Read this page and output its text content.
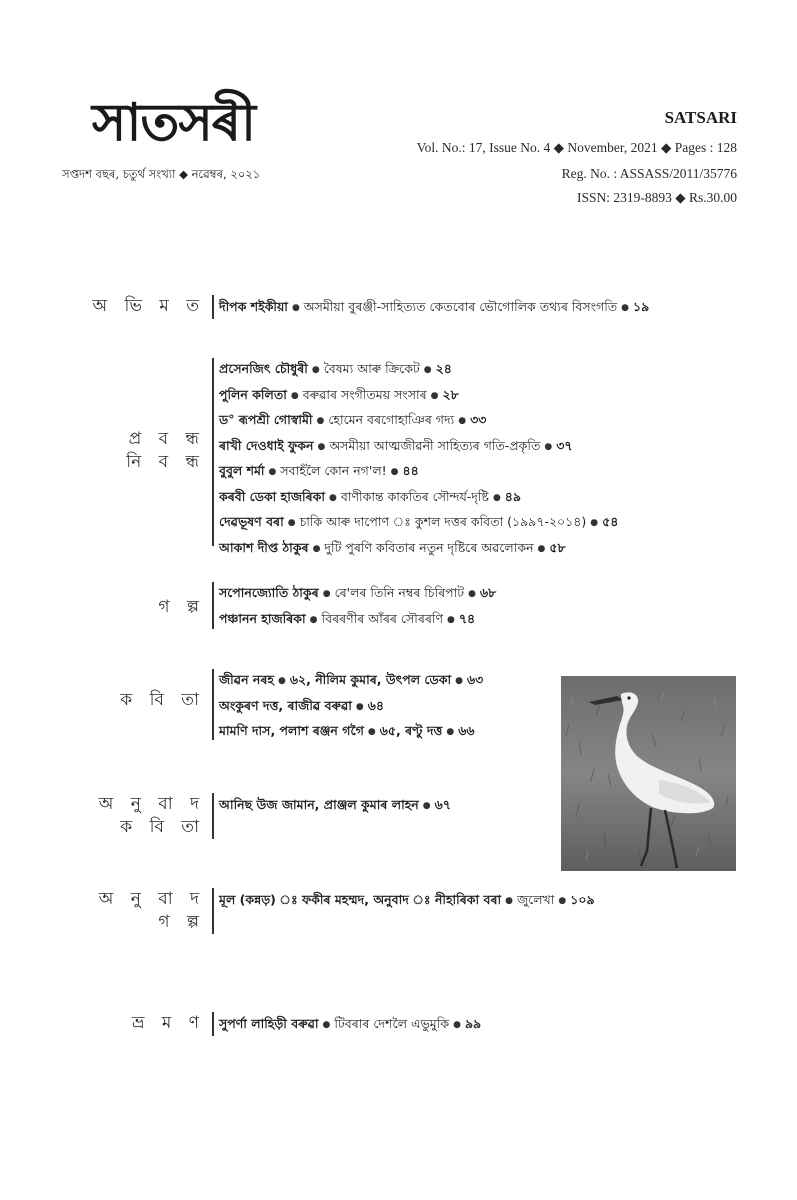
সাতসৰী
সপ্তদশ বছৰ, চতুৰ্থ সংখ্যা ◆ নৱেম্বৰ, ২০২১
SATSARI
Vol. No.: 17, Issue No. 4 ◆ November, 2021 ◆ Pages : 128
Reg. No. : ASSASS/2011/35776
ISSN: 2319-8893 ◆ Rs.30.00
অ ভি ম ত দীপক শইকীয়া ● অসমীয়া বুৰঞ্জী-সাহিত্যত কেতবোৰ ভৌগোলিক তথ্যৰ বিসংগতি ● ১৯
প্ৰ ব ন্ধ
নি ব ন্ধ
প্ৰসেনজিৎ চৌধুৰী ● বৈষম্য আৰু ক্ৰিকেট ● ২৪
পুলিন কলিতা ● বৰুৱাৰ সংগীতময় সংসাৰ ● ২৮
ড° ৰূপশ্ৰী গোস্বামী ● হোমেন বৰগোহাঞিৰ গদ্য ● ৩৩
ৰাখী দেওধাই ফুকন ● অসমীয়া আত্মজীৱনী সাহিত্যৰ গতি-প্ৰকৃতি ● ৩৭
বুবুল শৰ্মা ● সবাহঁলৈ কোন নগ'ল! ● ৪৪
কৰবী ডেকা হাজৰিকা ● বাণীকান্ত কাকতিৰ সৌন্দৰ্য-দৃষ্টি ● ৪৯
দেৱভূষণ বৰা ● চাকি আৰু দাপোণ ঃ কুশল দত্তৰ কবিতা (১৯৯৭-২০১৪) ● ৫৪
আকাশ দীপ্ত ঠাকুৰ ● দুটি পুৰণি কবিতাৰ নতুন দৃষ্টিৰে অৱলোকন ● ৫৮
গ ল্প
সপোনজ্যোতি ঠাকুৰ ● ৰে'লৰ তিনি নম্বৰ চিৰিপাট ● ৬৮
পঞ্চানন হাজৰিকা ● বিৰৰণীৰ আঁৰৰ সৌৰৰণি ● ৭৪
ক বি তা
জীৱন নৰহ ● ৬২, নীলিম কুমাৰ, উৎপল ডেকা ● ৬৩
অংকুৰণ দত্ত, ৰাজীৱ বৰুৱা ● ৬৪
মামণি দাস, পলাশ ৰঞ্জন গগৈ ● ৬৫, ৰণ্টু দত্ত ● ৬৬
অ নু বা দ
ক বি তা
আনিছ উজ জামান, প্ৰাঞ্জল কুমাৰ লাহন ● ৬৭
অ নু বা দ
গ ল্প
মূল (কন্নড়) ঃ ফকীৰ মহম্মদ, অনুবাদ ঃ নীহাৰিকা বৰা ● জুলেখা ● ১০৯
ভ্ৰ ম ণ সুপৰ্ণা লাহিড়ী বৰুৱা ● টিবৰাৰ দেশলৈ এভুমুকি ● ৯৯
